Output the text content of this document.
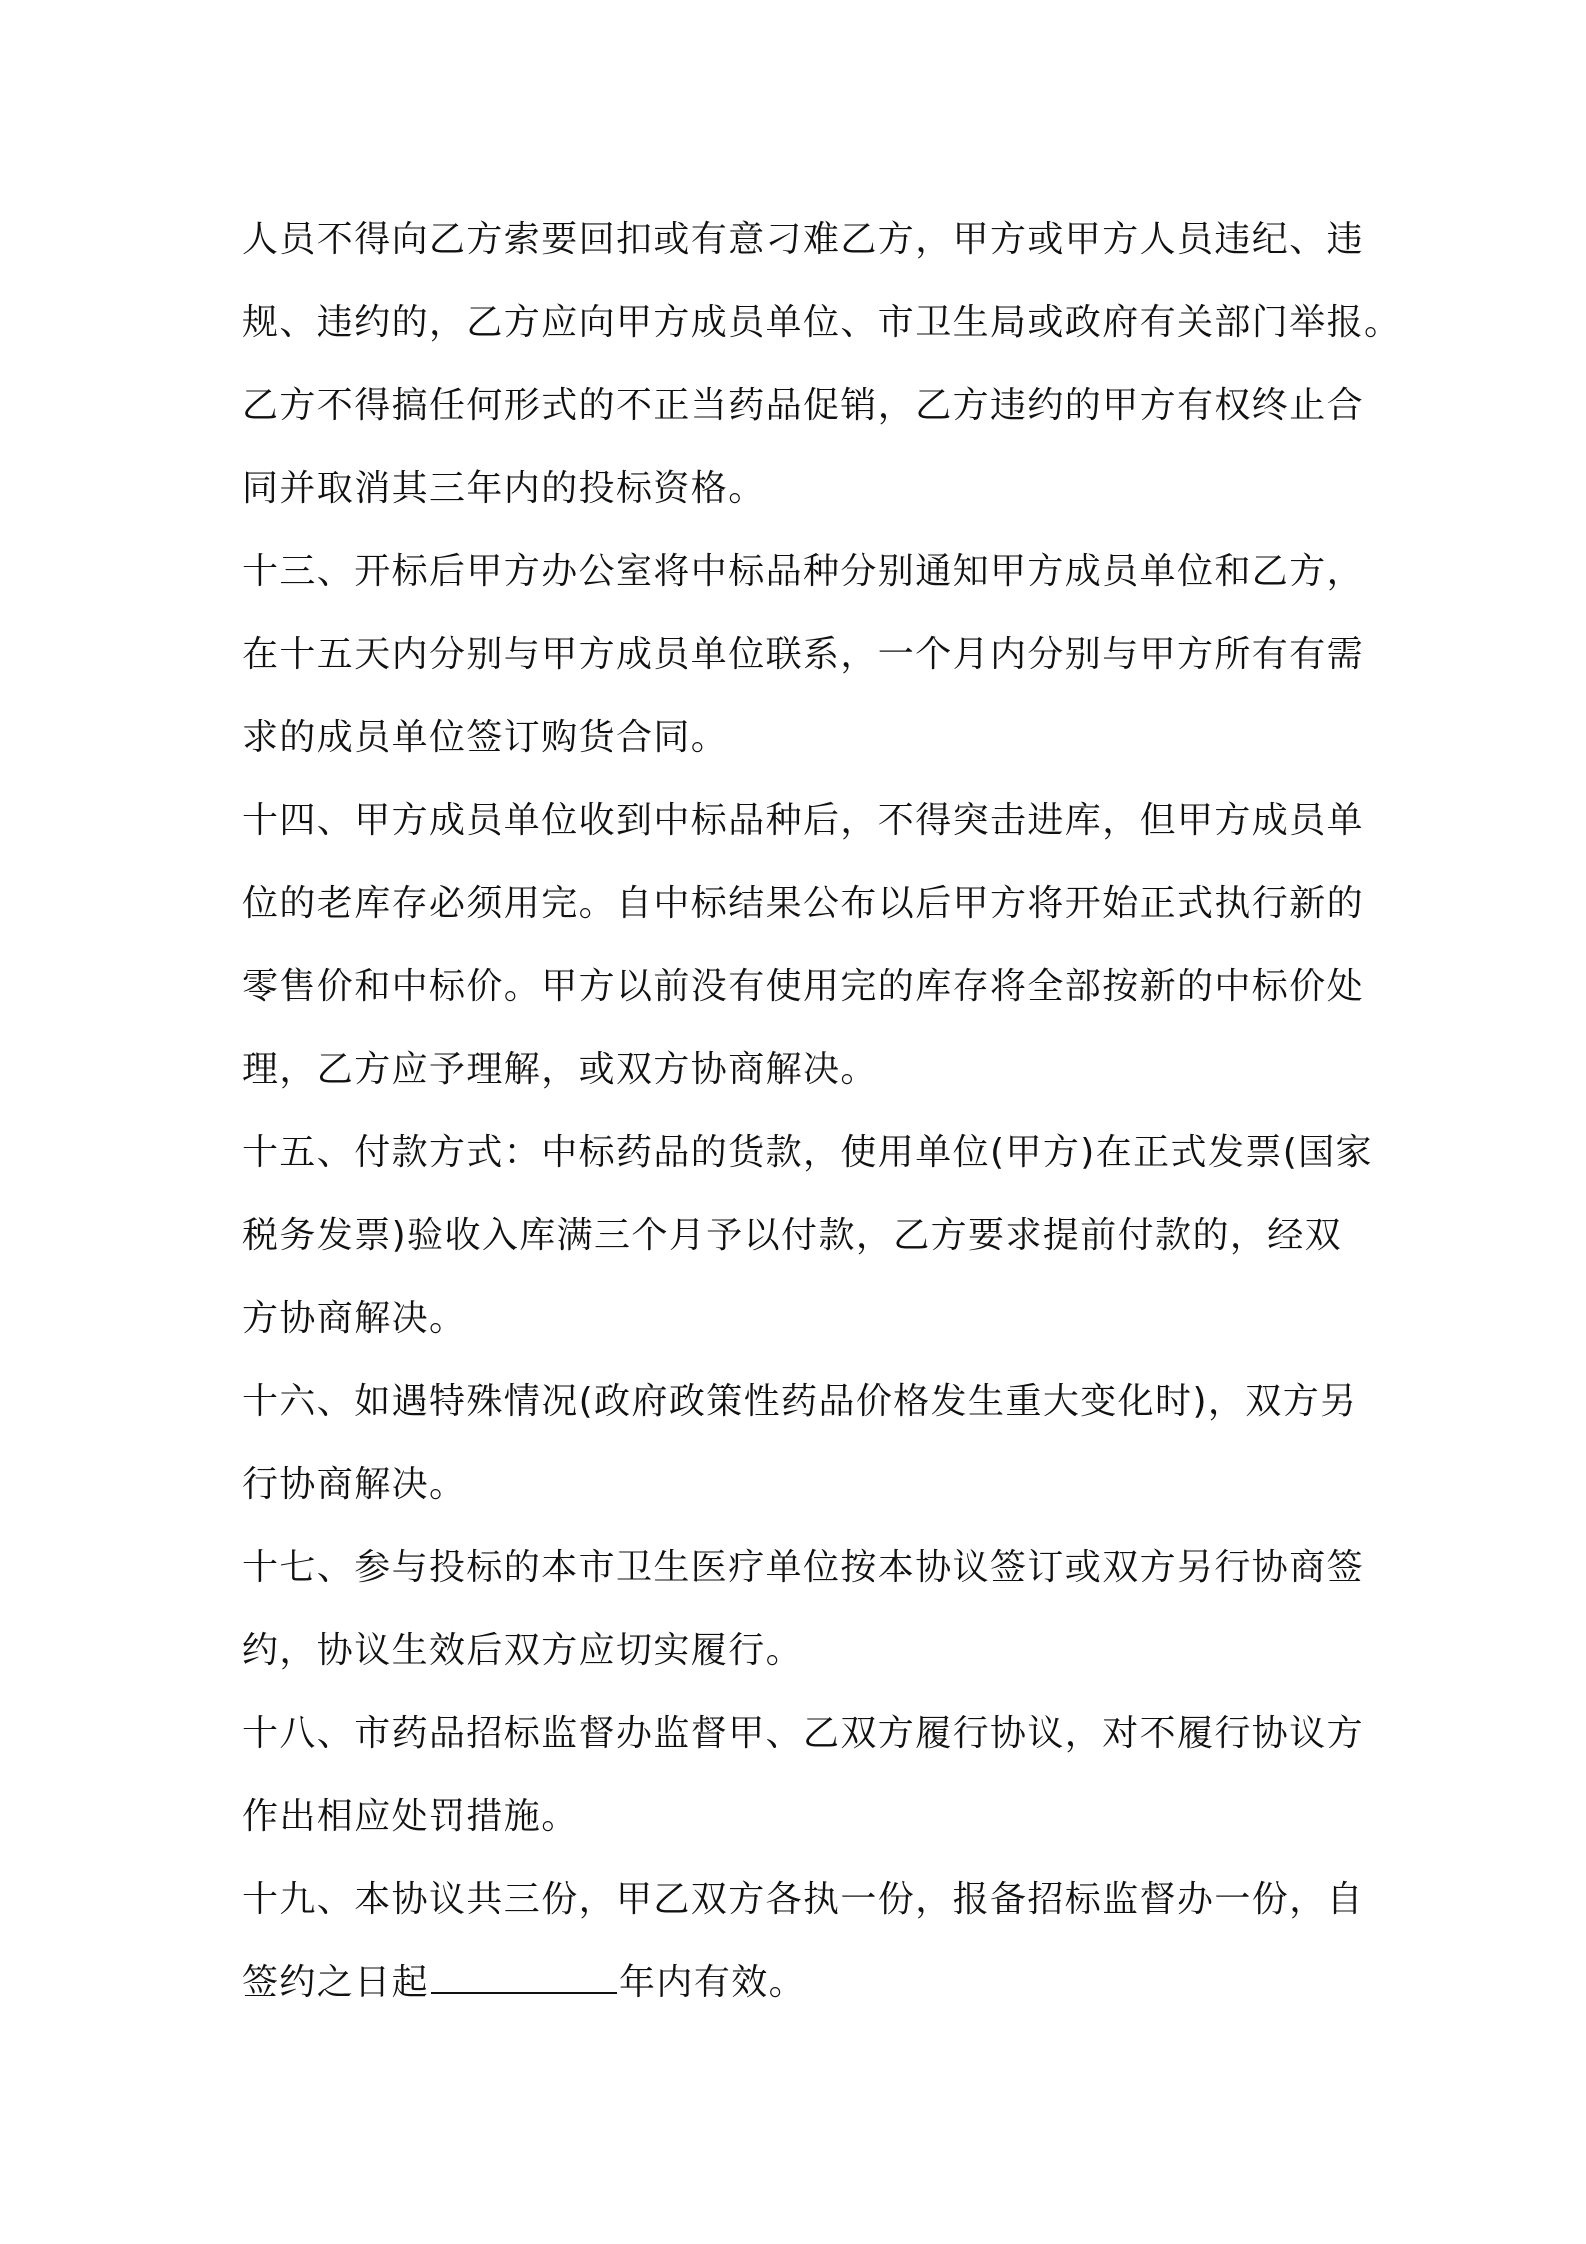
人员不得向乙方索要回扣或有意刁难乙方，甲方或甲方人员违纪、违
规、违约的，乙方应向甲方成员单位、市卫生局或政府有关部门举报。
乙方不得搞任何形式的不正当药品促销，乙方违约的甲方有权终止合
同并取消其三年内的投标资格。
十三、开标后甲方办公室将中标品种分别通知甲方成员单位和乙方，
在十五天内分别与甲方成员单位联系，一个月内分别与甲方所有有需
求的成员单位签订购货合同。
十四、甲方成员单位收到中标品种后，不得突击进库，但甲方成员单
位的老库存必须用完。自中标结果公布以后甲方将开始正式执行新的
零售价和中标价。甲方以前没有使用完的库存将全部按新的中标价处
理，乙方应予理解，或双方协商解决。
十五、付款方式：中标药品的货款，使用单位(甲方)在正式发票(国家
税务发票)验收入库满三个月予以付款，乙方要求提前付款的，经双
方协商解决。
十六、如遇特殊情况(政府政策性药品价格发生重大变化时)，双方另
行协商解决。
十七、参与投标的本市卫生医疗单位按本协议签订或双方另行协商签
约，协议生效后双方应切实履行。
十八、市药品招标监督办监督甲、乙双方履行协议，对不履行协议方
作出相应处罚措施。
十九、本协议共三份，甲乙双方各执一份，报备招标监督办一份，自
签约之日起	年内有效。
